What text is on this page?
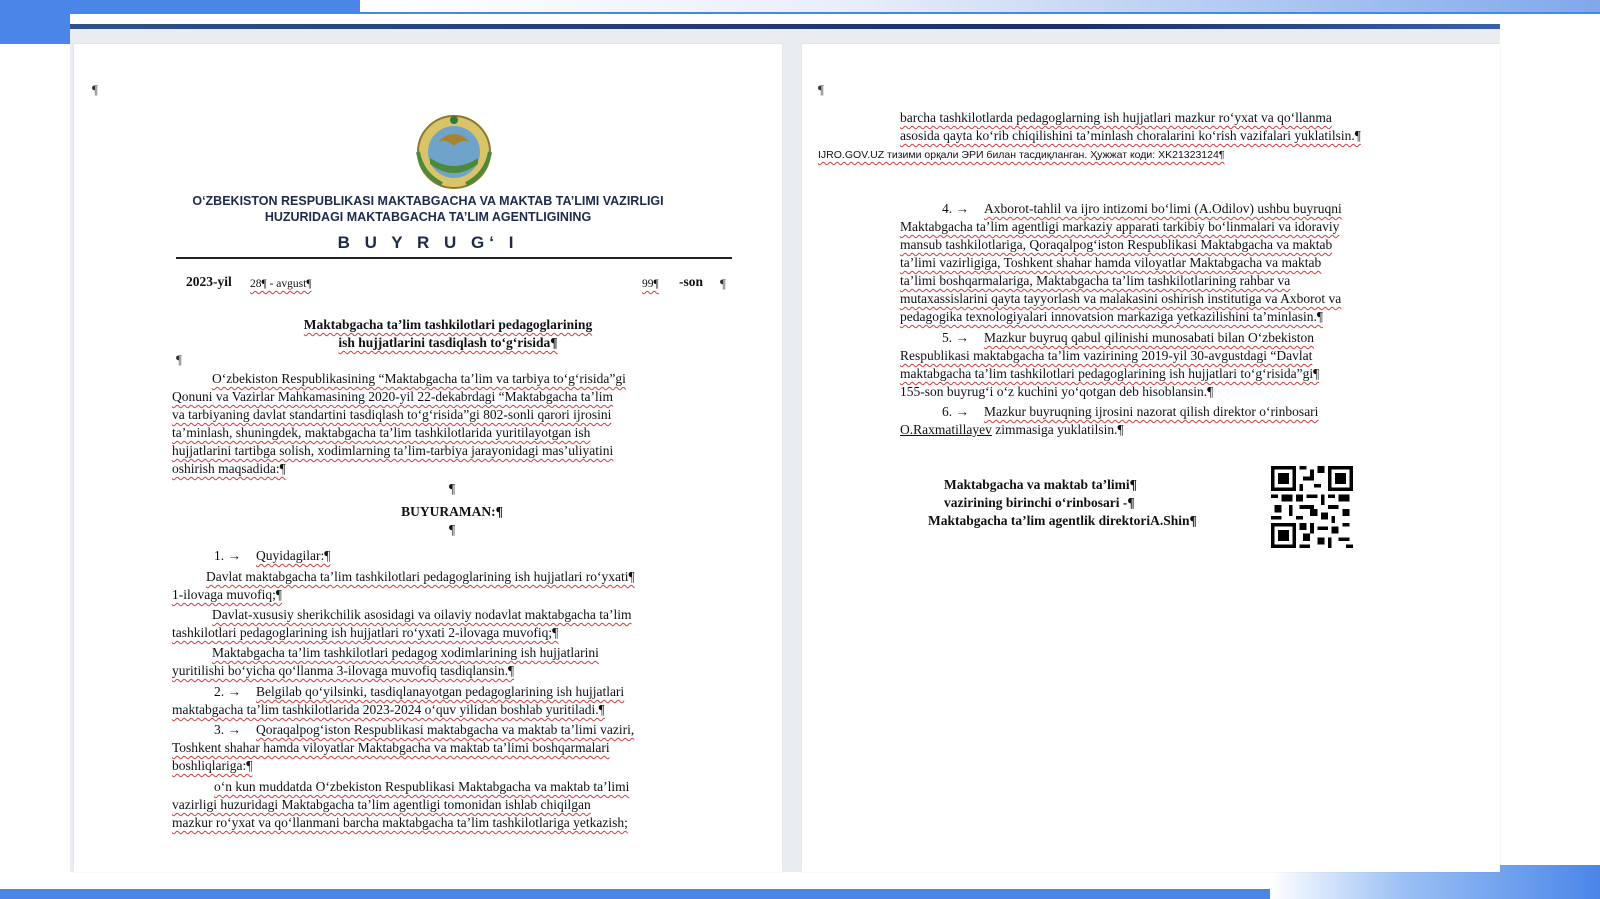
¶
O‘ZBEKISTON RESPUBLIKASI MAKTABGACHA VA MAKTAB TA’LIMI VAZIRLIGI
HUZURIDAGI MAKTABGACHA TA’LIM AGENTLIGINING
B U Y R U G‘ I
2023-yil 28¶ - avgust¶	99¶ -son ¶
Maktabgacha ta’lim tashkilotlari pedagoglarining
ish hujjatlarini tasdiqlash to‘g‘risida¶
¶
O‘zbekiston Respublikasining “Maktabgacha ta’lim va tarbiya to‘g‘risida”gi
Qonuni va Vazirlar Mahkamasining 2020-yil 22-dekabrdagi “Maktabgacha ta’lim
va tarbiyaning davlat standartini tasdiqlash to‘g‘risida”gi 802-sonli qarori ijrosini
ta’minlash, shuningdek, maktabgacha ta’lim tashkilotlarida yuritilayotgan ish
hujjatlarini tartibga solish, xodimlarning ta’lim-tarbiya jarayonidagi mas’uliyatini
oshirish maqsadida:¶
¶
BUYURAMAN:¶
¶
1. → Quyidagilar:¶
Davlat maktabgacha ta’lim tashkilotlari pedagoglarining ish hujjatlari ro‘yxati¶
1-ilovaga muvofiq;¶
Davlat-xususiy sherikchilik asosidagi va oilaviy nodavlat maktabgacha ta’lim
tashkilotlari pedagoglarining ish hujjatlari ro‘yxati 2-ilovaga muvofiq;¶
Maktabgacha ta’lim tashkilotlari pedagog xodimlarining ish hujjatlarini
yuritilishi bo‘yicha qo‘llanma 3-ilovaga muvofiq tasdiqlansin.¶
2. → Belgilab qo‘yilsinki, tasdiqlanayotgan pedagoglarining ish hujjatlari
maktabgacha ta’lim tashkilotlarida 2023-2024 o‘quv yilidan boshlab yuritiladi.¶
3. → Qoraqalpog‘iston Respublikasi maktabgacha va maktab ta’limi vaziri,
Toshkent shahar hamda viloyatlar Maktabgacha va maktab ta’limi boshqarmalari
boshliqlariga:¶
o‘n kun muddatda O‘zbekiston Respublikasi Maktabgacha va maktab ta’limi
vazirligi huzuridagi Maktabgacha ta’lim agentligi tomonidan ishlab chiqilgan
mazkur ro‘yxat va qo‘llanmani barcha maktabgacha ta’lim tashkilotlariga yetkazish;
¶
barcha tashkilotlarda pedagoglarning ish hujjatlari mazkur ro‘yxat va qo‘llanma
asosida qayta ko‘rib chiqilishini ta’minlash choralarini ko‘rish vazifalari yuklatilsin.¶
IJRO.GOV.UZ тизими орқали ЭРИ билан тасдиқланган. Ҳужжат коди: XK21323124¶
4. → Axborot-tahlil va ijro intizomi bo‘limi (A.Odilov) ushbu buyruqni
Maktabgacha ta’lim agentligi markaziy apparati tarkibiy bo‘linmalari va idoraviy
mansub tashkilotlariga, Qoraqalpog‘iston Respublikasi Maktabgacha va maktab
ta’limi vazirligiga, Toshkent shahar hamda viloyatlar Maktabgacha va maktab
ta’limi boshqarmalariga, Maktabgacha ta’lim tashkilotlarining rahbar va
mutaxassislarini qayta tayyorlash va malakasini oshirish institutiga va Axborot va
pedagogika texnologiyalari innovatsion markaziga yetkazilishini ta’minlasin.¶
5. → Mazkur buyruq qabul qilinishi munosabati bilan O‘zbekiston
Respublikasi maktabgacha ta’lim vazirining 2019-yil 30-avgustdagi “Davlat
maktabgacha ta’lim tashkilotlari pedagoglarining ish hujjatlari to‘g‘risida”gi¶
155-son buyrug‘i o‘z kuchini yo‘qotgan deb hisoblansin.¶
6. → Mazkur buyruqning ijrosini nazorat qilish direktor o‘rinbosari
O.Raxmatillayev zimmasiga yuklatilsin.¶
Maktabgacha va maktab ta’limi¶
vazirining birinchi o‘rinbosari -¶
Maktabgacha ta’lim agentlik direktoriA.Shin¶
